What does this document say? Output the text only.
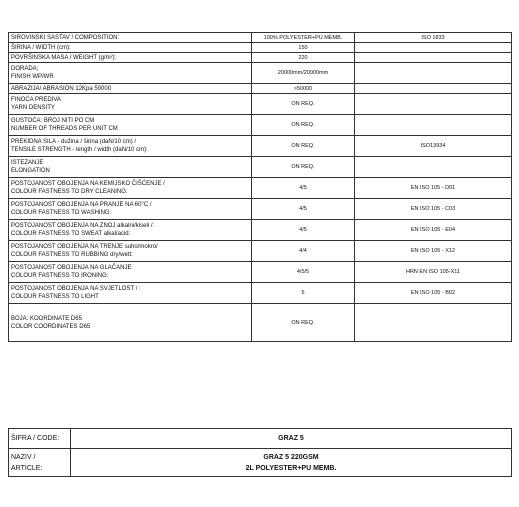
SIROVINSKI SASTAV / COMPOSITION:	100% POLYESTER+PU MEMB.	ISO 1833

ŠIRINA / WIDTH (cm):	150	

POVRŠINSKA MASA / WEIGHT (g/m²):	220	

DORADA;
FINISH WP/WR	20000mm/20000mm	

ABRAZIJA/ ABRASION 12Kpa 50000	>50000	

FINOĆA PREDIVA
YARN DENSITY	ON REQ.	

GUSTOĆA: BROJ NITI PO CM
NUMBER OF THREADS PER UNIT CM	ON REQ.	

PREKIDNA SILA - dužina / širina (daN/10 cm) /
TENSILE STRENGTH - length / width (daN/10 cm):	ON REQ.	ISO13934

ISTEZANJE
ELONGATION	ON REQ.	

POSTOJANOST OBOJENJA NA KEMIJSKO ČIŠĆENJE /
COLOUR FASTNESS TO DRY CLEANING:	4/5	EN ISO 105 - D01

POSTOJANOST OBOJENJA NA PRANJE NA 60°C /
COLOUR FASTNESS TO WASHING:	4/5	EN ISO 105 - C03

POSTOJANOST OBOJENJA NA ZNOJ alkalni/kiseli /:
COLOUR FASTNESS TO SWEAT alkal/acid:	4/5	EN ISO 105 - E04

POSTOJANOST OBOJENJA NA TRENJE suho/mokro/
COLOUR FASTNESS TO RUBBING dry/wett:	4/4	EN ISO 105 - X12

POSTOJANOST OBOJENJA NA GLAČANJE
COLOUR FASTNESS TO IRONING:	4/5/5	HRN EN ISO 105-X11

POSTOJANOST OBOJENJA NA SVJETLOST / :
COLOUR FASTNESS TO LIGHT	5	EN ISO 105 - B02

BOJA: KOORDINATE D65
COLOR COORDINATES D65	ON REQ.	
ŠIFRA / CODE:	GRAZ 5

NAZIV /
ARTICLE:	GRAZ 5 220GSM
2L POLYESTER+PU MEMB.
